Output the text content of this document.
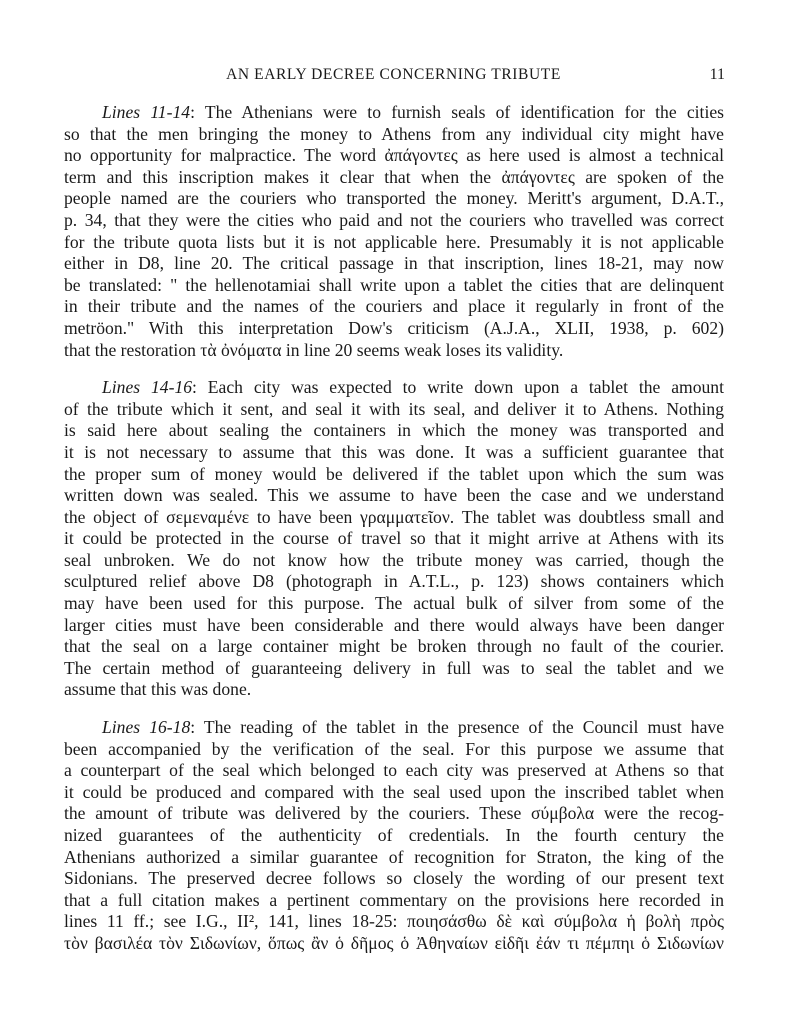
AN EARLY DECREE CONCERNING TRIBUTE	11
Lines 11-14: The Athenians were to furnish seals of identification for the cities
so that the men bringing the money to Athens from any individual city might have
no opportunity for malpractice. The word ἀπάγοντες as here used is almost a technical
term and this inscription makes it clear that when the ἀπάγοντες are spoken of the
people named are the couriers who transported the money. Meritt's argument, D.A.T.,
p. 34, that they were the cities who paid and not the couriers who travelled was correct
for the tribute quota lists but it is not applicable here. Presumably it is not applicable
either in D8, line 20. The critical passage in that inscription, lines 18-21, may now
be translated: " the hellenotamiai shall write upon a tablet the cities that are delinquent
in their tribute and the names of the couriers and place it regularly in front of the
metröon." With this interpretation Dow's criticism (A.J.A., XLII, 1938, p. 602)
that the restoration τὰ ὀνόματα in line 20 seems weak loses its validity.
Lines 14-16: Each city was expected to write down upon a tablet the amount
of the tribute which it sent, and seal it with its seal, and deliver it to Athens. Nothing
is said here about sealing the containers in which the money was transported and
it is not necessary to assume that this was done. It was a sufficient guarantee that
the proper sum of money would be delivered if the tablet upon which the sum was
written down was sealed. This we assume to have been the case and we understand
the object of σεμεναμένε to have been γραμματεῖον. The tablet was doubtless small and
it could be protected in the course of travel so that it might arrive at Athens with its
seal unbroken. We do not know how the tribute money was carried, though the
sculptured relief above D8 (photograph in A.T.L., p. 123) shows containers which
may have been used for this purpose. The actual bulk of silver from some of the
larger cities must have been considerable and there would always have been danger
that the seal on a large container might be broken through no fault of the courier.
The certain method of guaranteeing delivery in full was to seal the tablet and we
assume that this was done.
Lines 16-18: The reading of the tablet in the presence of the Council must have
been accompanied by the verification of the seal. For this purpose we assume that
a counterpart of the seal which belonged to each city was preserved at Athens so that
it could be produced and compared with the seal used upon the inscribed tablet when
the amount of tribute was delivered by the couriers. These σύμβολα were the recog-
nized guarantees of the authenticity of credentials. In the fourth century the
Athenians authorized a similar guarantee of recognition for Straton, the king of the
Sidonians. The preserved decree follows so closely the wording of our present text
that a full citation makes a pertinent commentary on the provisions here recorded in
lines 11 ff.; see I.G., II², 141, lines 18-25: ποιησάσθω δὲ καὶ σύμβολα ἡ βολὴ πρὸς
τὸν βασιλέα τὸν Σιδωνίων, ὅπως ἂν ὁ δῆμος ὁ Ἀθηναίων εἰδῆι ἐάν τι πέμπηι ὁ Σιδωνίων
